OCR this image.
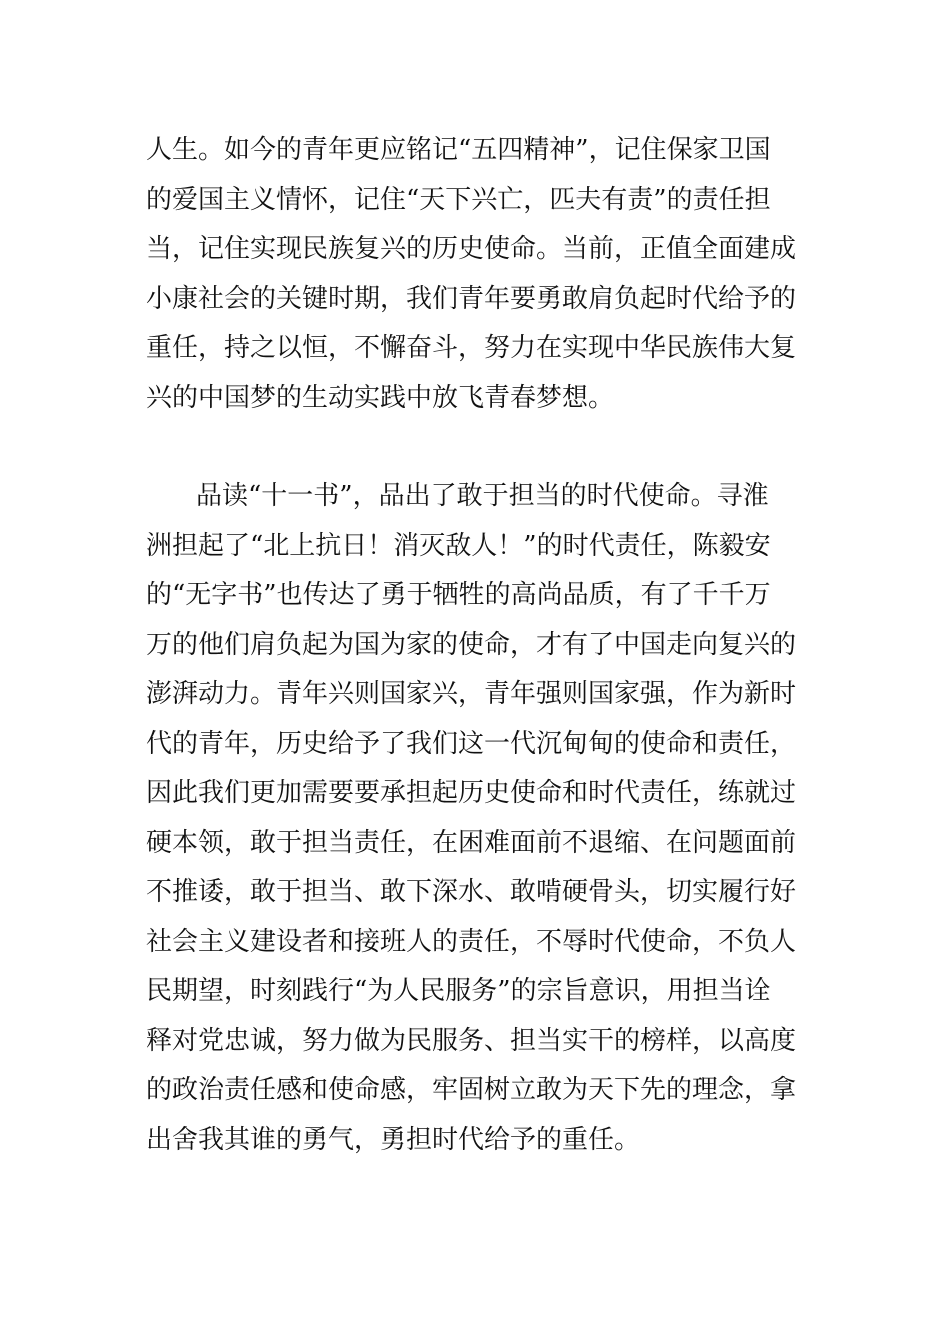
人生。如今的青年更应铭记“五四精神”，记住保家卫国
的爱国主义情怀，记住“天下兴亡，匹夫有责”的责任担
当，记住实现民族复兴的历史使命。当前，正值全面建成
小康社会的关键时期，我们青年要勇敢肩负起时代给予的
重任，持之以恒，不懈奋斗，努力在实现中华民族伟大复
兴的中国梦的生动实践中放飞青春梦想。
品读“十一书”，品出了敢于担当的时代使命。寻淮
洲担起了“北上抗日！消灭敌人！”的时代责任，陈毅安
的“无字书”也传达了勇于牺牲的高尚品质，有了千千万
万的他们肩负起为国为家的使命，才有了中国走向复兴的
澎湃动力。青年兴则国家兴，青年强则国家强，作为新时
代的青年，历史给予了我们这一代沉甸甸的使命和责任，
因此我们更加需要要承担起历史使命和时代责任，练就过
硬本领，敢于担当责任，在困难面前不退缩、在问题面前
不推诿，敢于担当、敢下深水、敢啃硬骨头，切实履行好
社会主义建设者和接班人的责任，不辱时代使命，不负人
民期望，时刻践行“为人民服务”的宗旨意识，用担当诠
释对党忠诚，努力做为民服务、担当实干的榜样，以高度
的政治责任感和使命感，牢固树立敢为天下先的理念，拿
出舍我其谁的勇气，勇担时代给予的重任。
